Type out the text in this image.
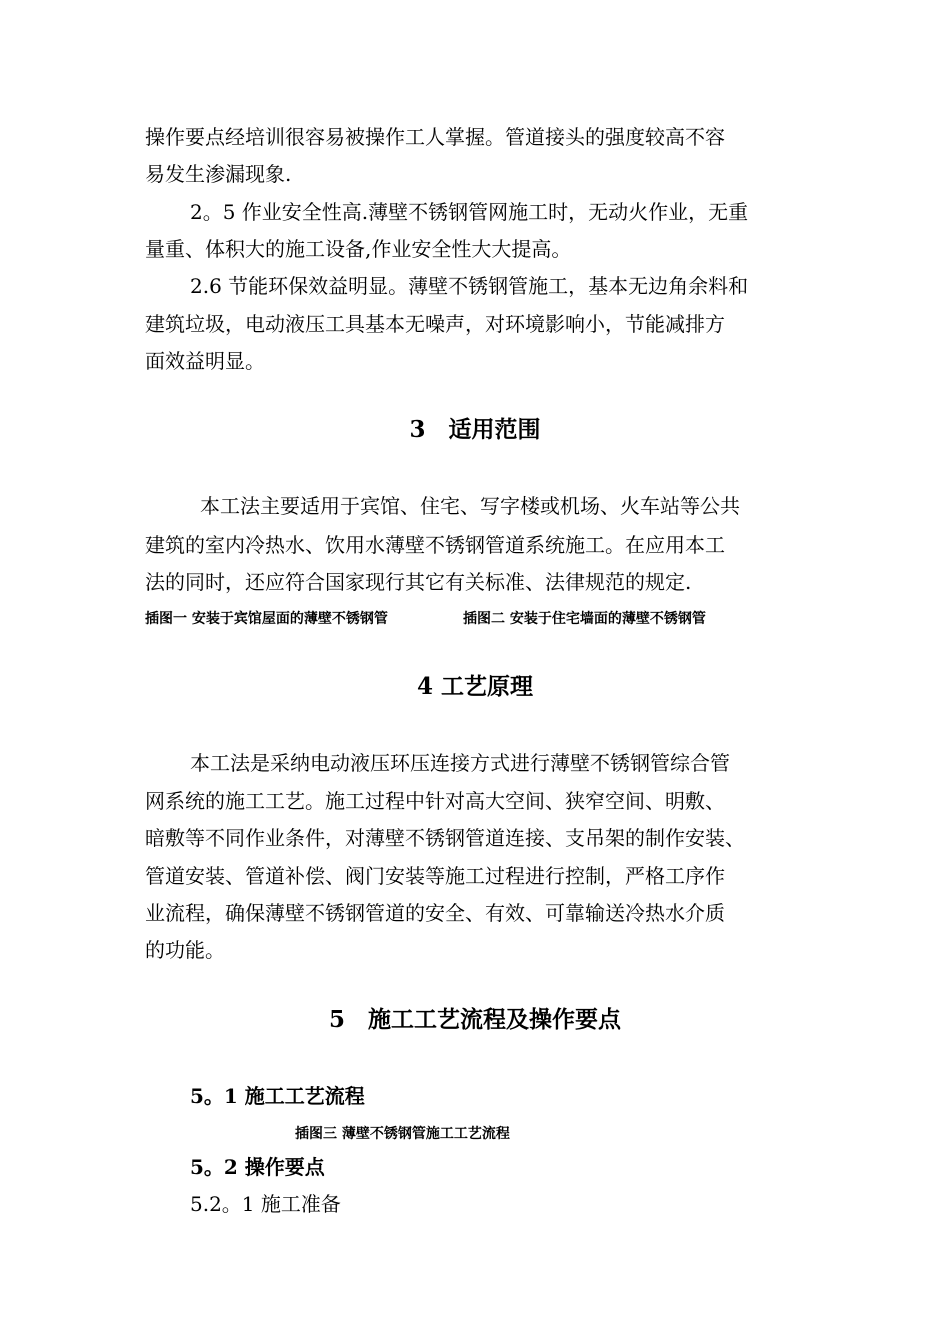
操作要点经培训很容易被操作工人掌握。管道接头的强度较高不容
易发生渗漏现象.
2。5 作业安全性高.薄壁不锈钢管网施工时，无动火作业，无重
量重、体积大的施工设备,作业安全性大大提高。
2.6 节能环保效益明显。薄壁不锈钢管施工，基本无边角余料和
建筑垃圾，电动液压工具基本无噪声，对环境影响小，节能减排方
面效益明显。
3　适用范围
本工法主要适用于宾馆、住宅、写字楼或机场、火车站等公共
建筑的室内冷热水、饮用水薄壁不锈钢管道系统施工。在应用本工
法的同时，还应符合国家现行其它有关标准、法律规范的规定.
插图一 安装于宾馆屋面的薄壁不锈钢管	插图二 安装于住宅墙面的薄壁不锈钢管
4 工艺原理
本工法是采纳电动液压环压连接方式进行薄壁不锈钢管综合管
网系统的施工工艺。施工过程中针对高大空间、狭窄空间、明敷、
暗敷等不同作业条件，对薄壁不锈钢管道连接、支吊架的制作安装、
管道安装、管道补偿、阀门安装等施工过程进行控制，严格工序作
业流程，确保薄壁不锈钢管道的安全、有效、可靠输送冷热水介质
的功能。
5　施工工艺流程及操作要点
5。1 施工工艺流程
插图三 薄壁不锈钢管施工工艺流程
5。2 操作要点
5.2。1 施工准备
